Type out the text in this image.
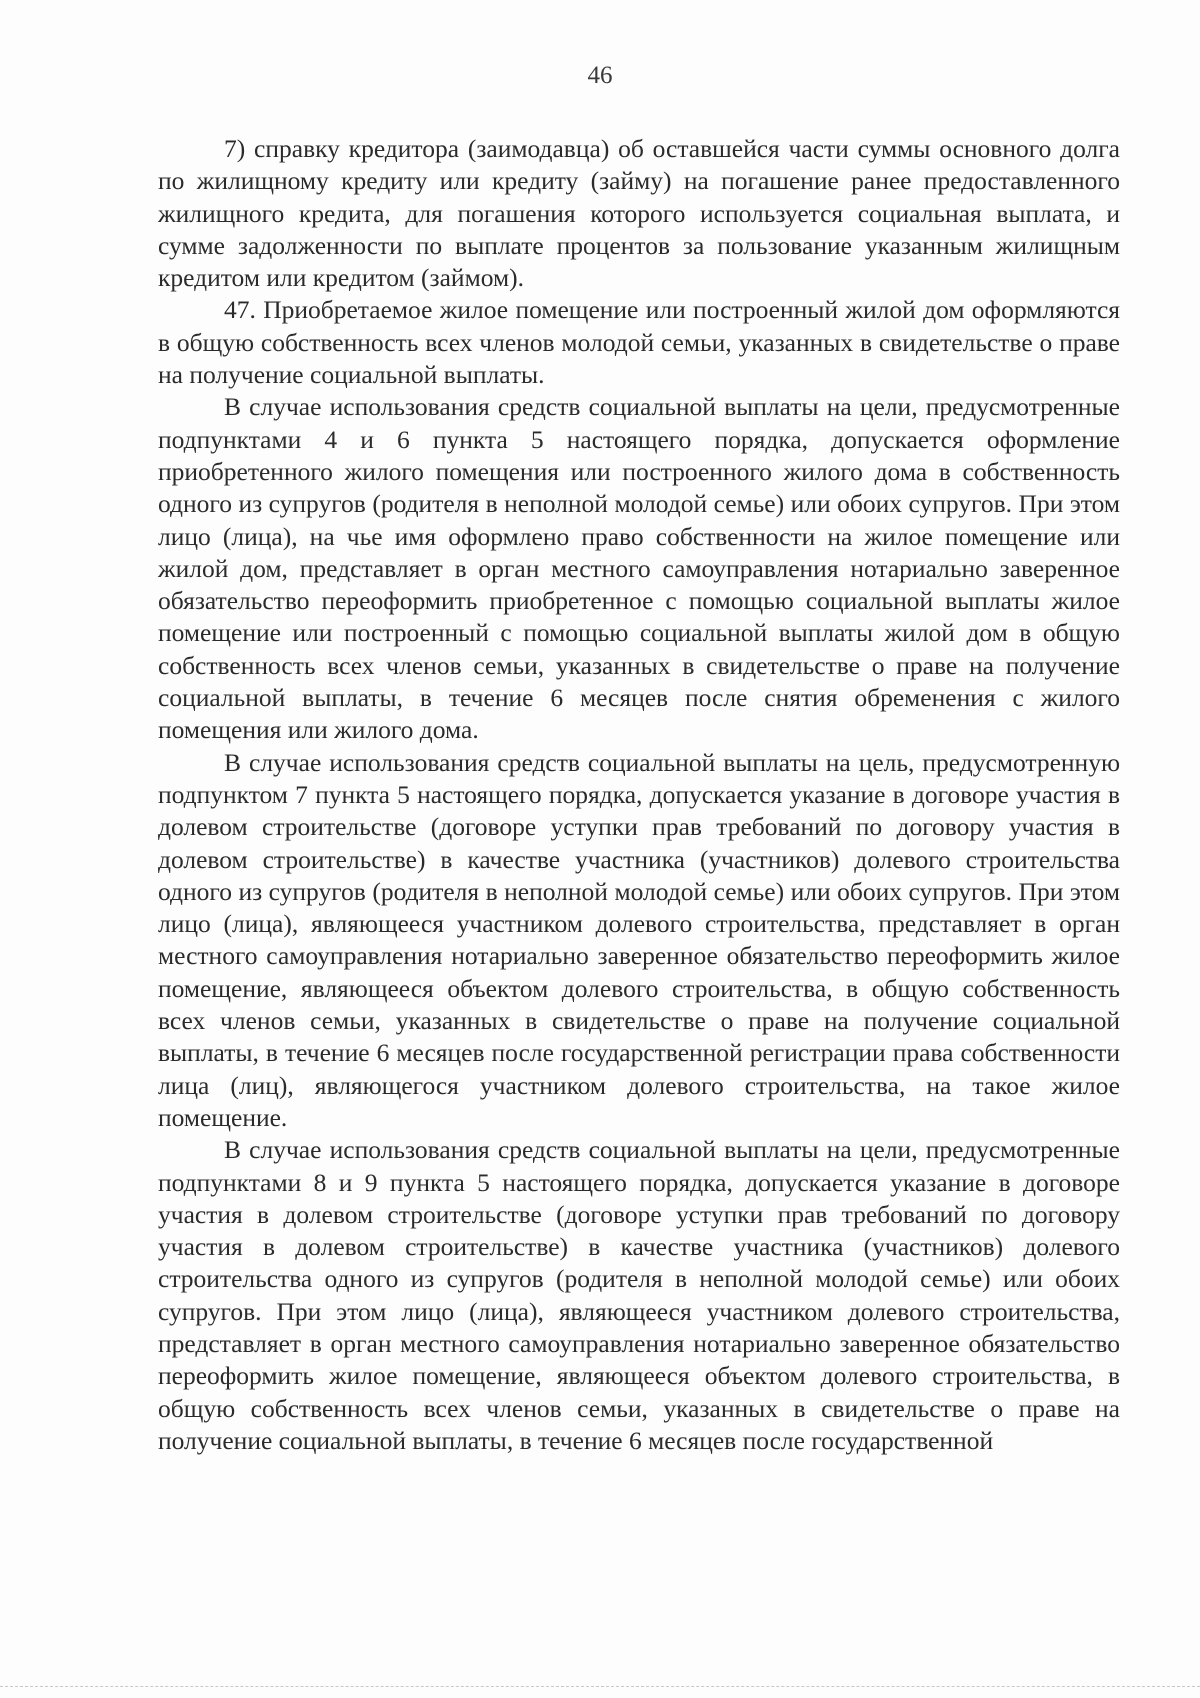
46

7) справку кредитора (заимодавца) об оставшейся части суммы основного долга по жилищному кредиту или кредиту (займу) на погашение ранее предоставленного жилищного кредита, для погашения которого используется социальная выплата, и сумме задолженности по выплате процентов за пользование указанным жилищным кредитом или кредитом (займом).

47. Приобретаемое жилое помещение или построенный жилой дом оформляются в общую собственность всех членов молодой семьи, указанных в свидетельстве о праве на получение социальной выплаты.

В случае использования средств социальной выплаты на цели, предусмотренные подпунктами 4 и 6 пункта 5 настоящего порядка, допускается оформление приобретенного жилого помещения или построенного жилого дома в собственность одного из супругов (родителя в неполной молодой семье) или обоих супругов. При этом лицо (лица), на чье имя оформлено право собственности на жилое помещение или жилой дом, представляет в орган местного самоуправления нотариально заверенное обязательство переоформить приобретенное с помощью социальной выплаты жилое помещение или построенный с помощью социальной выплаты жилой дом в общую собственность всех членов семьи, указанных в свидетельстве о праве на получение социальной выплаты, в течение 6 месяцев после снятия обременения с жилого помещения или жилого дома.

В случае использования средств социальной выплаты на цель, предусмотренную подпунктом 7 пункта 5 настоящего порядка, допускается указание в договоре участия в долевом строительстве (договоре уступки прав требований по договору участия в долевом строительстве) в качестве участника (участников) долевого строительства одного из супругов (родителя в неполной молодой семье) или обоих супругов. При этом лицо (лица), являющееся участником долевого строительства, представляет в орган местного самоуправления нотариально заверенное обязательство переоформить жилое помещение, являющееся объектом долевого строительства, в общую собственность всех членов семьи, указанных в свидетельстве о праве на получение социальной выплаты, в течение 6 месяцев после государственной регистрации права собственности лица (лиц), являющегося участником долевого строительства, на такое жилое помещение.

В случае использования средств социальной выплаты на цели, предусмотренные подпунктами 8 и 9 пункта 5 настоящего порядка, допускается указание в договоре участия в долевом строительстве (договоре уступки прав требований по договору участия в долевом строительстве) в качестве участника (участников) долевого строительства одного из супругов (родителя в неполной молодой семье) или обоих супругов. При этом лицо (лица), являющееся участником долевого строительства, представляет в орган местного самоуправления нотариально заверенное обязательство переоформить жилое помещение, являющееся объектом долевого строительства, в общую собственность всех членов семьи, указанных в свидетельстве о праве на получение социальной выплаты, в течение 6 месяцев после государственной
